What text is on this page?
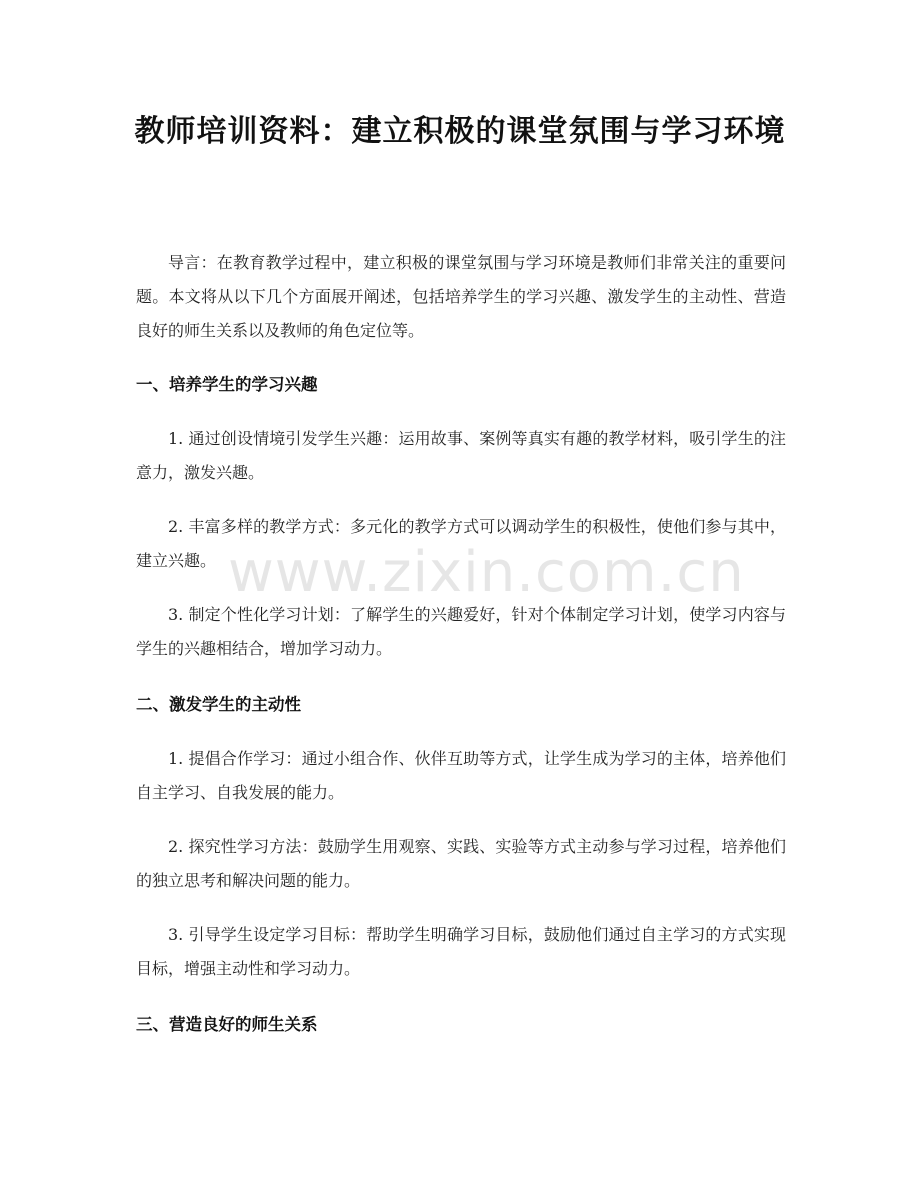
教师培训资料：建立积极的课堂氛围与学习环境

导言：在教育教学过程中，建立积极的课堂氛围与学习环境是教师们非常关注的重要问题。本文将从以下几个方面展开阐述，包括培养学生的学习兴趣、激发学生的主动性、营造良好的师生关系以及教师的角色定位等。

一、培养学生的学习兴趣

1. 通过创设情境引发学生兴趣：运用故事、案例等真实有趣的教学材料，吸引学生的注意力，激发兴趣。

2. 丰富多样的教学方式：多元化的教学方式可以调动学生的积极性，使他们参与其中，建立兴趣。

3. 制定个性化学习计划：了解学生的兴趣爱好，针对个体制定学习计划，使学习内容与学生的兴趣相结合，增加学习动力。

二、激发学生的主动性

1. 提倡合作学习：通过小组合作、伙伴互助等方式，让学生成为学习的主体，培养他们自主学习、自我发展的能力。

2. 探究性学习方法：鼓励学生用观察、实践、实验等方式主动参与学习过程，培养他们的独立思考和解决问题的能力。

3. 引导学生设定学习目标：帮助学生明确学习目标，鼓励他们通过自主学习的方式实现目标，增强主动性和学习动力。

三、营造良好的师生关系
www.zixin.com.cn
